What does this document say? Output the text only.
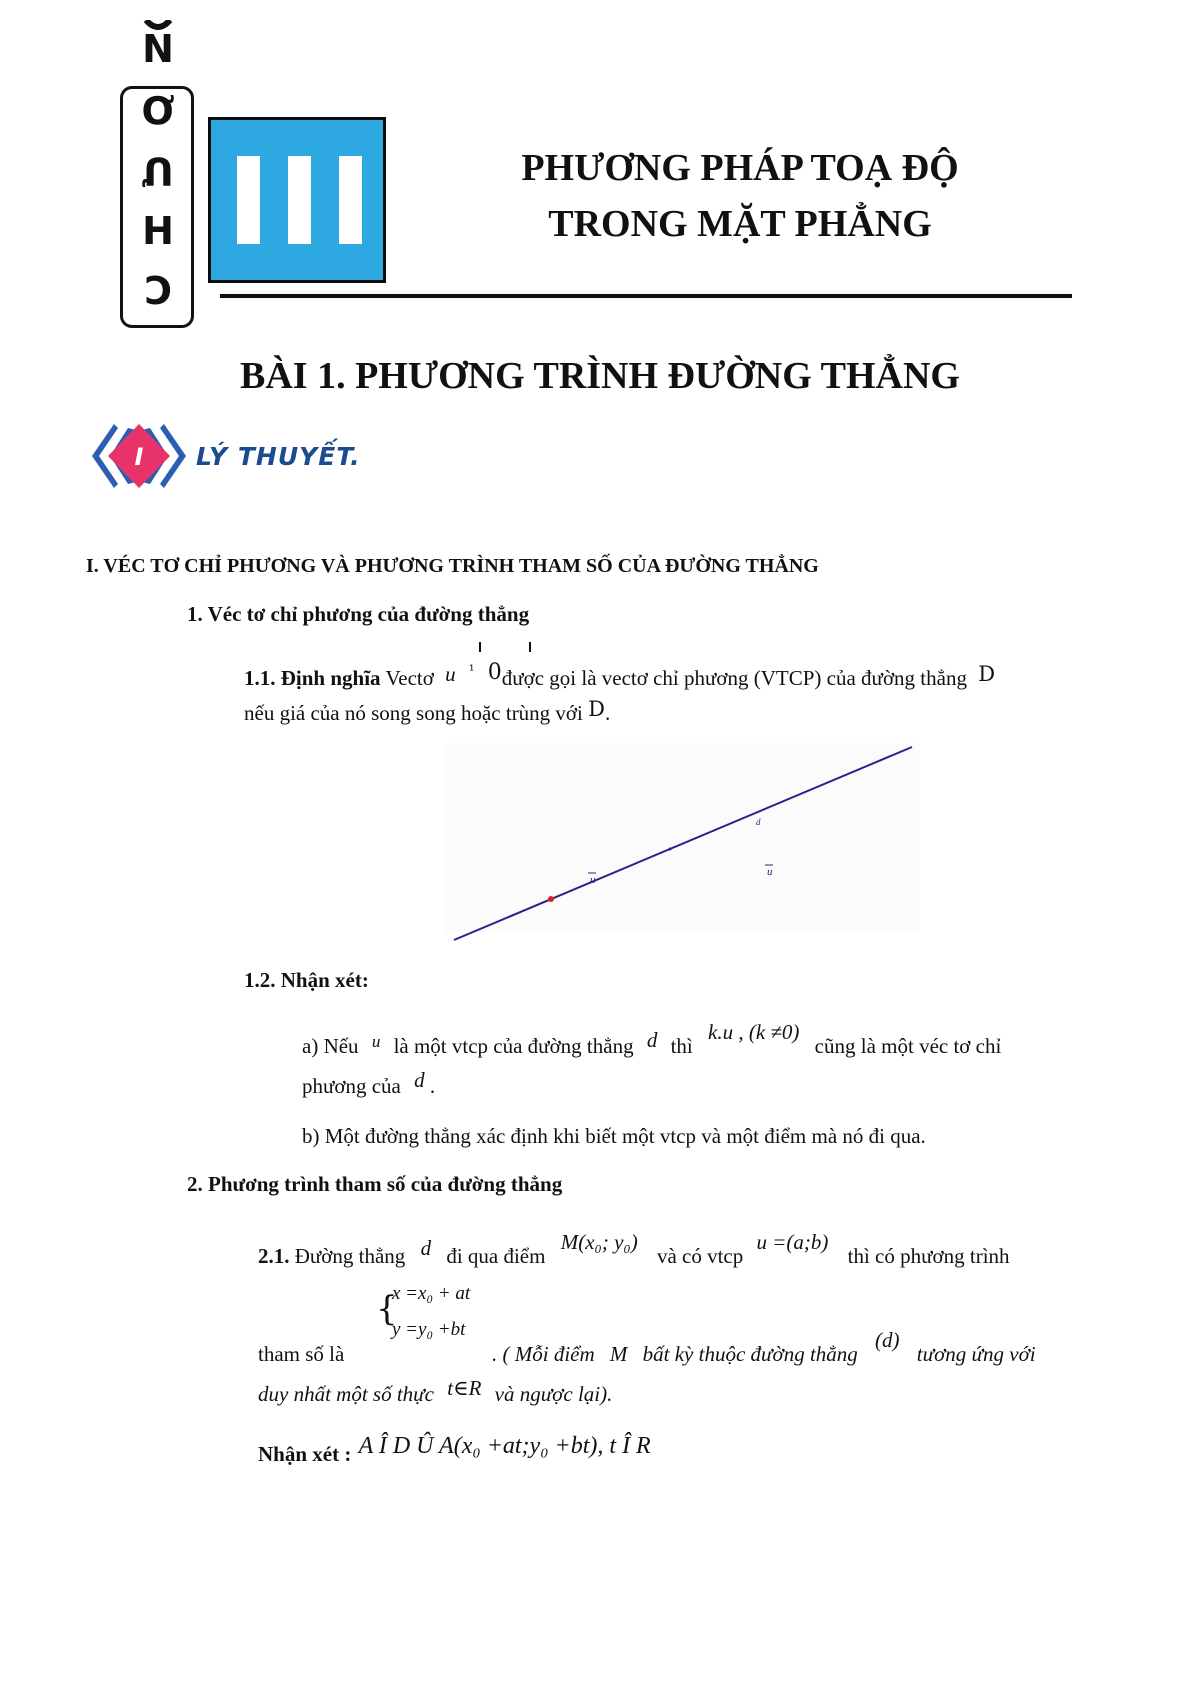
N
Ơ
Ư
H
C
PHƯƠNG PHÁP TOẠ ĐỘ
TRONG MẶT PHẲNG
BÀI 1. PHƯƠNG TRÌNH ĐƯỜNG THẲNG
I LÝ THUYẾT.
I. VÉC TƠ CHỈ PHƯƠNG VÀ PHƯƠNG TRÌNH THAM SỐ CỦA ĐƯỜNG THẲNG
1. Véc tơ chỉ phương của đường thẳng
1.1. Định nghĩa Vectơ u $^{^1}$ 0được gọi là vectơ chỉ phương (VTCP) của đường thẳng D
nếu giá của nó song song hoặc trùng với D.
u
u
d
1.2. Nhận xét:
a) Nếu $^u$ là một vtcp của đường thẳng d thì k.u , (k ≠0) cũng là một véc tơ chỉ
phương của d .
b) Một đường thẳng xác định khi biết một vtcp và một điểm mà nó đi qua.
2. Phương trình tham số của đường thẳng
2.1. Đường thẳng d đi qua điểm M(x₀; y₀) và có vtcp u =(a;b) thì có phương trình
{
x =x₀ + at
y =y₀ +bt
tham số là	. ( Mỗi điểm M bất kỳ thuộc đường thẳng (d) tương ứng với
duy nhất một số thực t∈R và ngược lại).
Nhận xét : A Î D Û A(x₀ +at;y₀ +bt), t Î R
